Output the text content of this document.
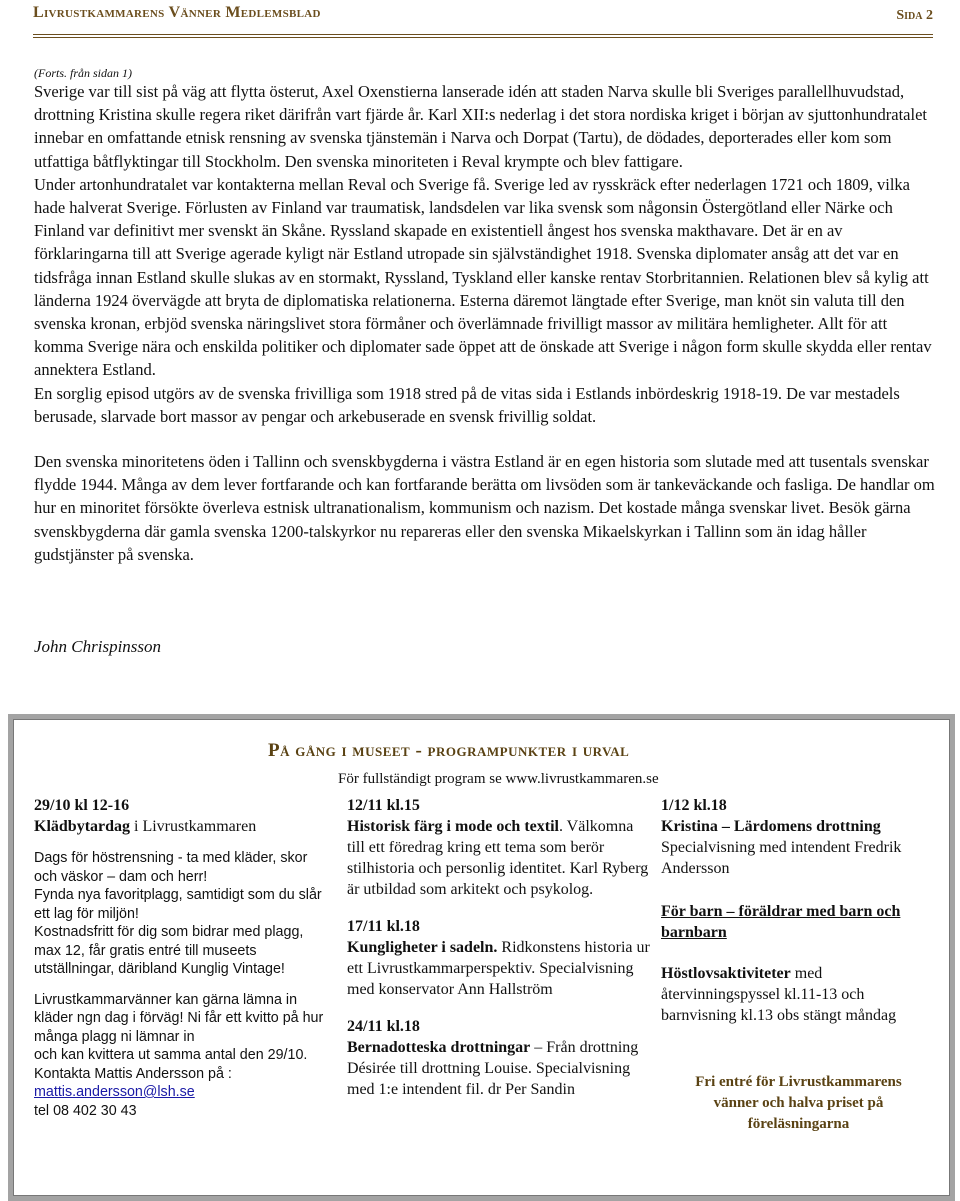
Livrustkammarens Vänner Medlemsblad	Sida 2

(Forts. från sidan 1)

Sverige var till sist på väg att flytta österut, Axel Oxenstierna lanserade idén att staden Narva skulle bli Sveriges parallellhuvudstad, drottning Kristina skulle regera riket därifrån vart fjärde år. Karl XII:s nederlag i det stora nordiska kriget i början av sjuttonhundratalet innebar en omfattande etnisk rensning av svenska tjänstemän i Narva och Dorpat (Tartu), de dödades, deporterades eller kom som utfattiga båtflyktingar till Stockholm. Den svenska minoriteten i Reval krympte och blev fattigare.

Under artonhundratalet var kontakterna mellan Reval och Sverige få. Sverige led av rysskräck efter nederlagen 1721 och 1809, vilka hade halverat Sverige. Förlusten av Finland var traumatisk, landsdelen var lika svensk som någonsin Östergötland eller Närke och Finland var definitivt mer svenskt än Skåne. Ryssland skapade en existentiell ångest hos svenska makthavare. Det är en av förklaringarna till att Sverige agerade kyligt när Estland utropade sin självständighet 1918. Svenska diplomater ansåg att det var en tidsfråga innan Estland skulle slukas av en stormakt, Ryssland, Tyskland eller kanske rentav Storbritannien. Relationen blev så kylig att länderna 1924 övervägde att bryta de diplomatiska relationerna. Esterna däremot längtade efter Sverige, man knöt sin valuta till den svenska kronan, erbjöd svenska näringslivet stora förmåner och överlämnade frivilligt massor av militära hemligheter. Allt för att komma Sverige nära och enskilda politiker och diplomater sade öppet att de önskade att Sverige i någon form skulle skydda eller rentav annektera Estland.

En sorglig episod utgörs av de svenska frivilliga som 1918 stred på de vitas sida i Estlands inbördeskrig 1918-19. De var mestadels berusade, slarvade bort massor av pengar och arkebuserade en svensk frivillig soldat.

Den svenska minoritetens öden i Tallinn och svenskbygderna i västra Estland är en egen historia som slutade med att tusentals svenskar flydde 1944. Många av dem lever fortfarande och kan fortfarande berätta om livsöden som är tankeväckande och fasliga. De handlar om hur en minoritet försökte överleva estnisk ultranationalism, kommunism och nazism. Det kostade många svenskar livet. Besök gärna svenskbygderna där gamla svenska 1200-talskyrkor nu repareras eller den svenska Mikaelskyrkan i Tallinn som än idag håller gudstjänster på svenska.

John Chrispinsson
På gång i museet - programpunkter i urval
För fullständigt program se www.livrustkammaren.se
29/10 kl 12-16
Klädbytardag i Livrustkammaren
Dags för höstrensning - ta med kläder, skor och väskor – dam och herr!
Fynda nya favoritplagg, samtidigt som du slår ett lag för miljön!
Kostnadsfritt för dig som bidrar med plagg, max 12, får gratis entré till museets utställningar, däribland Kunglig Vintage!
Livrustkammarvänner kan gärna lämna in kläder ngn dag i förväg! Ni får ett kvitto på hur många plagg ni lämnar in
och kan kvittera ut samma antal den 29/10.
Kontakta Mattis Andersson på :
mattis.andersson@lsh.se
tel 08 402 30 43
12/11 kl.15
Historisk färg i mode och textil. Välkomna till ett föredrag kring ett tema som berör stilhistoria och personlig identitet. Karl Ryberg är utbildad som arkitekt och psykolog.
17/11 kl.18
Kungligheter i sadeln. Ridkonstens historia ur ett Livrustkammarperspektiv. Specialvisning med konservator Ann Hallström
24/11 kl.18
Bernadotteska drottningar – Från drottning Désirée till drottning Louise. Specialvisning med 1:e intendent fil. dr Per Sandin
1/12 kl.18
Kristina – Lärdomens drottning
Specialvisning med intendent Fredrik Andersson
För barn – föräldrar med barn och barnbarn
Höstlovsaktiviteter med återvinningspyssel kl.11-13 och barnvisning kl.13 obs stängt måndag
Fri entré för Livrustkammarens vänner och halva priset på föreläsningarna
